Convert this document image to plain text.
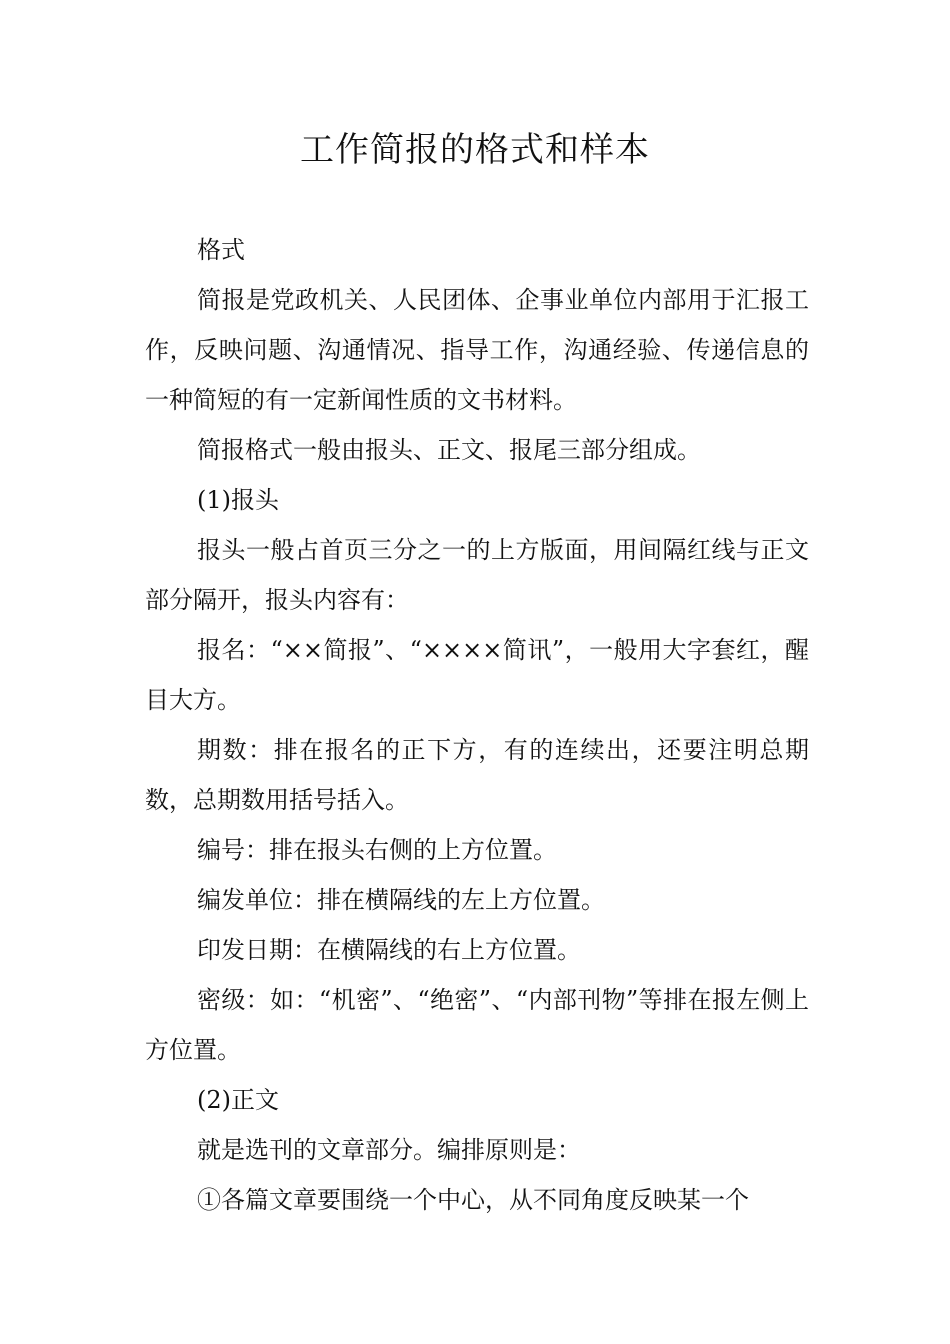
工作简报的格式和样本

格式

简报是党政机关、人民团体、企事业单位内部用于汇报工作，反映问题、沟通情况、指导工作，沟通经验、传递信息的一种简短的有一定新闻性质的文书材料。

简报格式一般由报头、正文、报尾三部分组成。

(1)报头

报头一般占首页三分之一的上方版面，用间隔红线与正文部分隔开，报头内容有：

报名：“××简报”、“××××简讯”，一般用大字套红，醒目大方。

期数：排在报名的正下方，有的连续出，还要注明总期数，总期数用括号括入。

编号：排在报头右侧的上方位置。

编发单位：排在横隔线的左上方位置。

印发日期：在横隔线的右上方位置。

密级：如：“机密”、“绝密”、“内部刊物”等排在报左侧上方位置。

(2)正文

就是选刊的文章部分。编排原则是：

①各篇文章要围绕一个中心，从不同角度反映某一个
